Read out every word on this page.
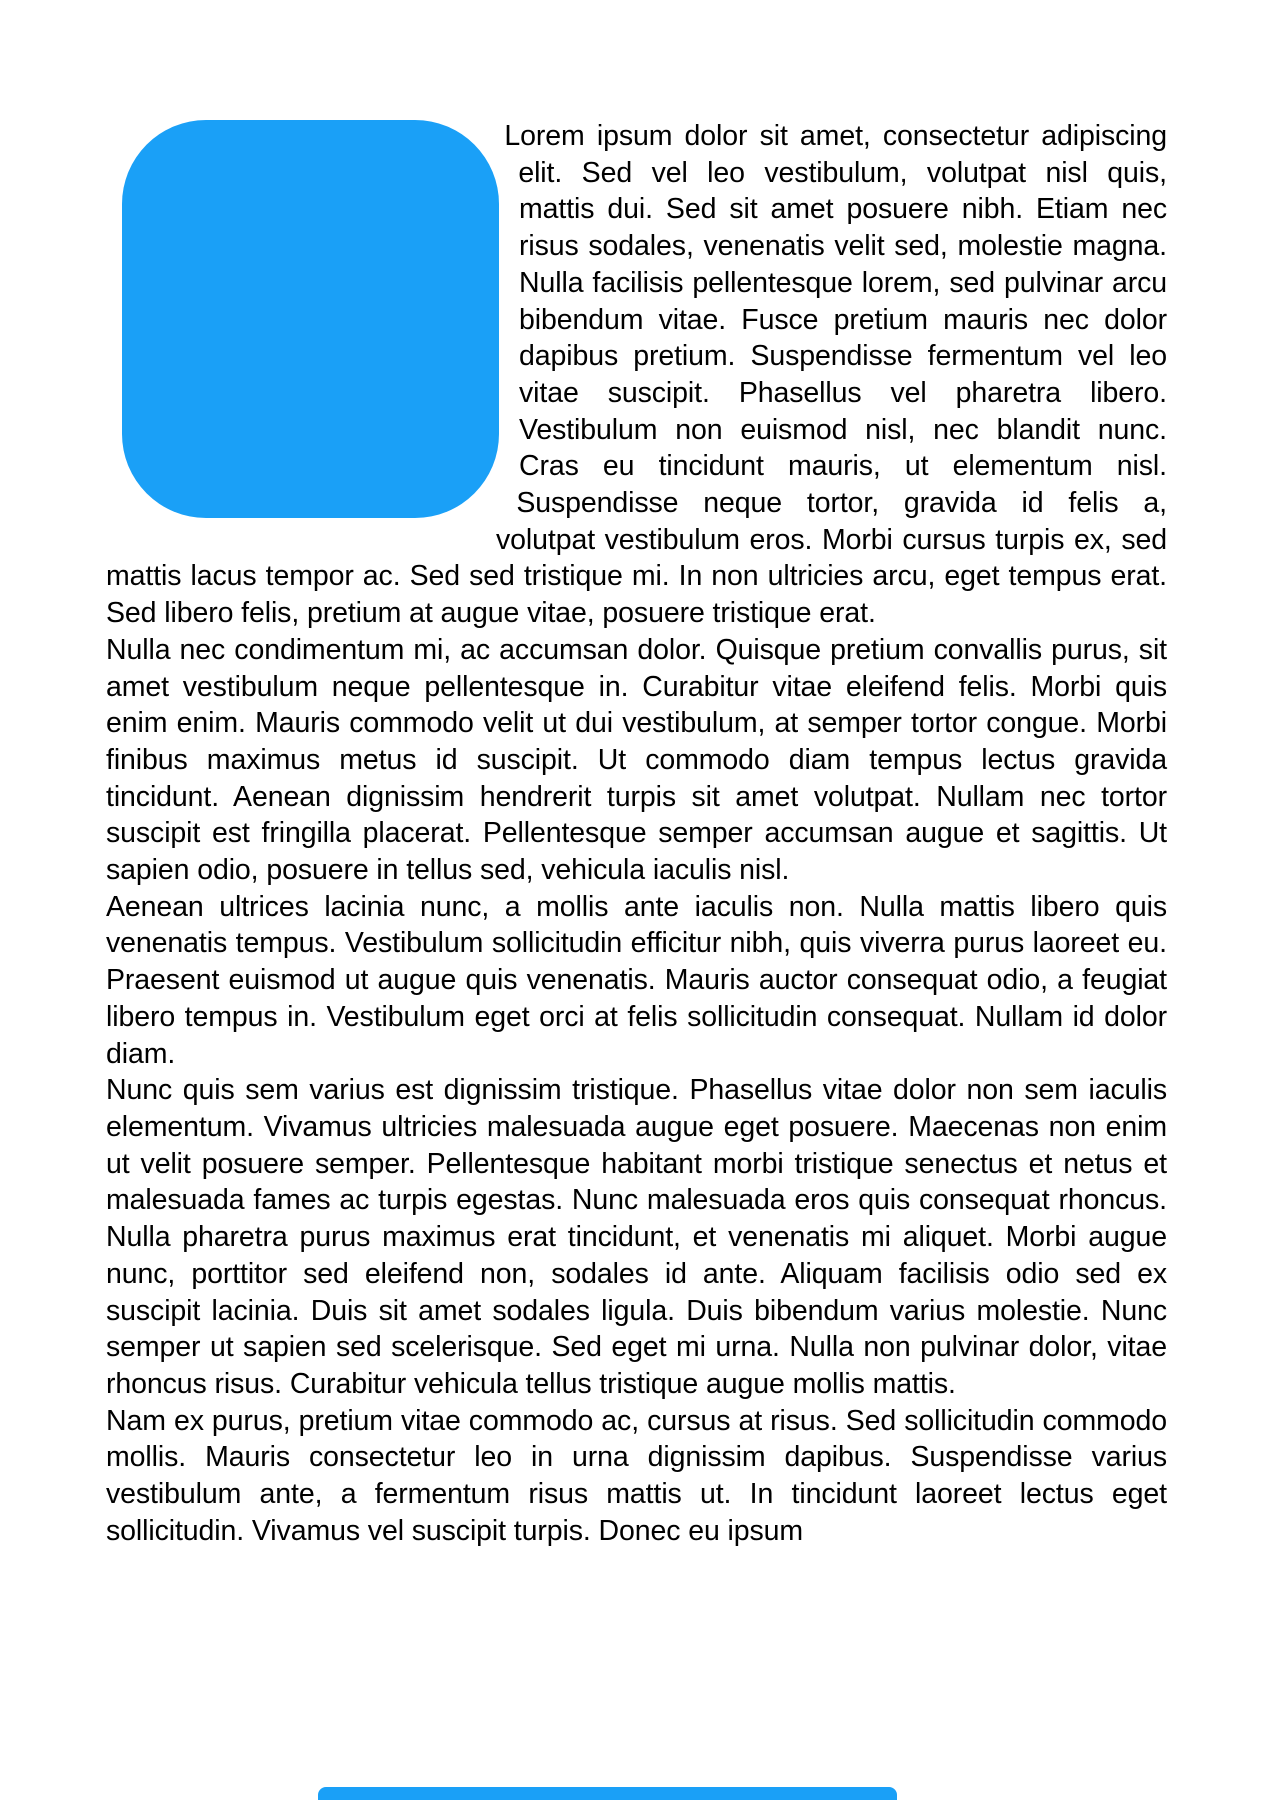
Lorem ipsum dolor sit amet, consectetur adipiscing elit. Sed vel leo vestibulum, volutpat nisl quis, mattis dui. Sed sit amet posuere nibh. Etiam nec risus sodales, venenatis velit sed, molestie magna. Nulla facilisis pellentesque lorem, sed pulvinar arcu bibendum vitae. Fusce pretium mauris nec dolor dapibus pretium. Suspendisse fermentum vel leo vitae suscipit. Phasellus vel pharetra libero. Vestibulum non euismod nisl, nec blandit nunc. Cras eu tincidunt mauris, ut elementum nisl. Suspendisse neque tortor, gravida id felis a, volutpat vestibulum eros. Morbi cursus turpis ex, sed mattis lacus tempor ac. Sed sed tristique mi. In non ultricies arcu, eget tempus erat. Sed libero felis, pretium at augue vitae, posuere tristique erat.

Nulla nec condimentum mi, ac accumsan dolor. Quisque pretium convallis purus, sit amet vestibulum neque pellentesque in. Curabitur vitae eleifend felis. Morbi quis enim enim. Mauris commodo velit ut dui vestibulum, at semper tortor congue. Morbi finibus maximus metus id suscipit. Ut commodo diam tempus lectus gravida tincidunt. Aenean dignissim hendrerit turpis sit amet volutpat. Nullam nec tortor suscipit est fringilla placerat. Pellentesque semper accumsan augue et sagittis. Ut sapien odio, posuere in tellus sed, vehicula iaculis nisl.

Aenean ultrices lacinia nunc, a mollis ante iaculis non. Nulla mattis libero quis venenatis tempus. Vestibulum sollicitudin efficitur nibh, quis viverra purus laoreet eu. Praesent euismod ut augue quis venenatis. Mauris auctor consequat odio, a feugiat libero tempus in. Vestibulum eget orci at felis sollicitudin consequat. Nullam id dolor diam.

Nunc quis sem varius est dignissim tristique. Phasellus vitae dolor non sem iaculis elementum. Vivamus ultricies malesuada augue eget posuere. Maecenas non enim ut velit posuere semper. Pellentesque habitant morbi tristique senectus et netus et malesuada fames ac turpis egestas. Nunc malesuada eros quis consequat rhoncus. Nulla pharetra purus maximus erat tincidunt, et venenatis mi aliquet. Morbi augue nunc, porttitor sed eleifend non, sodales id ante. Aliquam facilisis odio sed ex suscipit lacinia. Duis sit amet sodales ligula. Duis bibendum varius molestie. Nunc semper ut sapien sed scelerisque. Sed eget mi urna. Nulla non pulvinar dolor, vitae rhoncus risus. Curabitur vehicula tellus tristique augue mollis mattis.

Nam ex purus, pretium vitae commodo ac, cursus at risus. Sed sollicitudin commodo mollis. Mauris consectetur leo in urna dignissim dapibus. Suspendisse varius vestibulum ante, a fermentum risus mattis ut. In tincidunt laoreet lectus eget sollicitudin. Vivamus vel suscipit turpis. Donec eu ipsum
